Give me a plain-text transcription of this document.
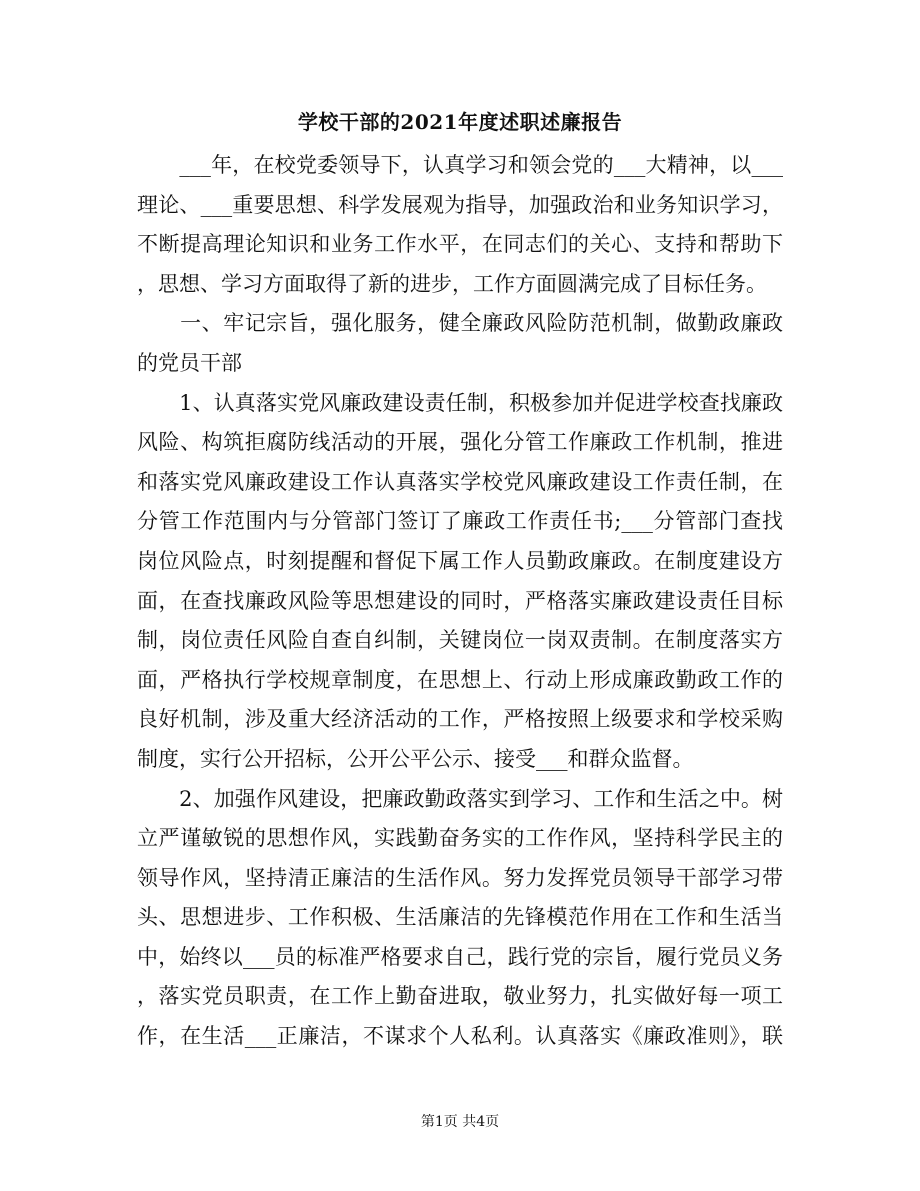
学校干部的2021年度述职述廉报告
　　___年，在校党委领导下，认真学习和领会党的___大精神，以___
理论、___重要思想、科学发展观为指导，加强政治和业务知识学习，
不断提高理论知识和业务工作水平，在同志们的关心、支持和帮助下
，思想、学习方面取得了新的进步，工作方面圆满完成了目标任务。
　　一、牢记宗旨，强化服务，健全廉政风险防范机制，做勤政廉政
的党员干部
　　1、认真落实党风廉政建设责任制，积极参加并促进学校查找廉政
风险、构筑拒腐防线活动的开展，强化分管工作廉政工作机制，推进
和落实党风廉政建设工作认真落实学校党风廉政建设工作责任制，在
分管工作范围内与分管部门签订了廉政工作责任书;___分管部门查找
岗位风险点，时刻提醒和督促下属工作人员勤政廉政。在制度建设方
面，在查找廉政风险等思想建设的同时，严格落实廉政建设责任目标
制，岗位责任风险自查自纠制，关键岗位一岗双责制。在制度落实方
面，严格执行学校规章制度，在思想上、行动上形成廉政勤政工作的
良好机制，涉及重大经济活动的工作，严格按照上级要求和学校采购
制度，实行公开招标，公开公平公示、接受___和群众监督。
　　2、加强作风建设，把廉政勤政落实到学习、工作和生活之中。树
立严谨敏锐的思想作风，实践勤奋务实的工作作风，坚持科学民主的
领导作风，坚持清正廉洁的生活作风。努力发挥党员领导干部学习带
头、思想进步、工作积极、生活廉洁的先锋模范作用在工作和生活当
中，始终以___员的标准严格要求自己，践行党的宗旨，履行党员义务
，落实党员职责，在工作上勤奋进取，敬业努力，扎实做好每一项工
作，在生活___正廉洁，不谋求个人私利。认真落实《廉政准则》，联
第1页 共4页
